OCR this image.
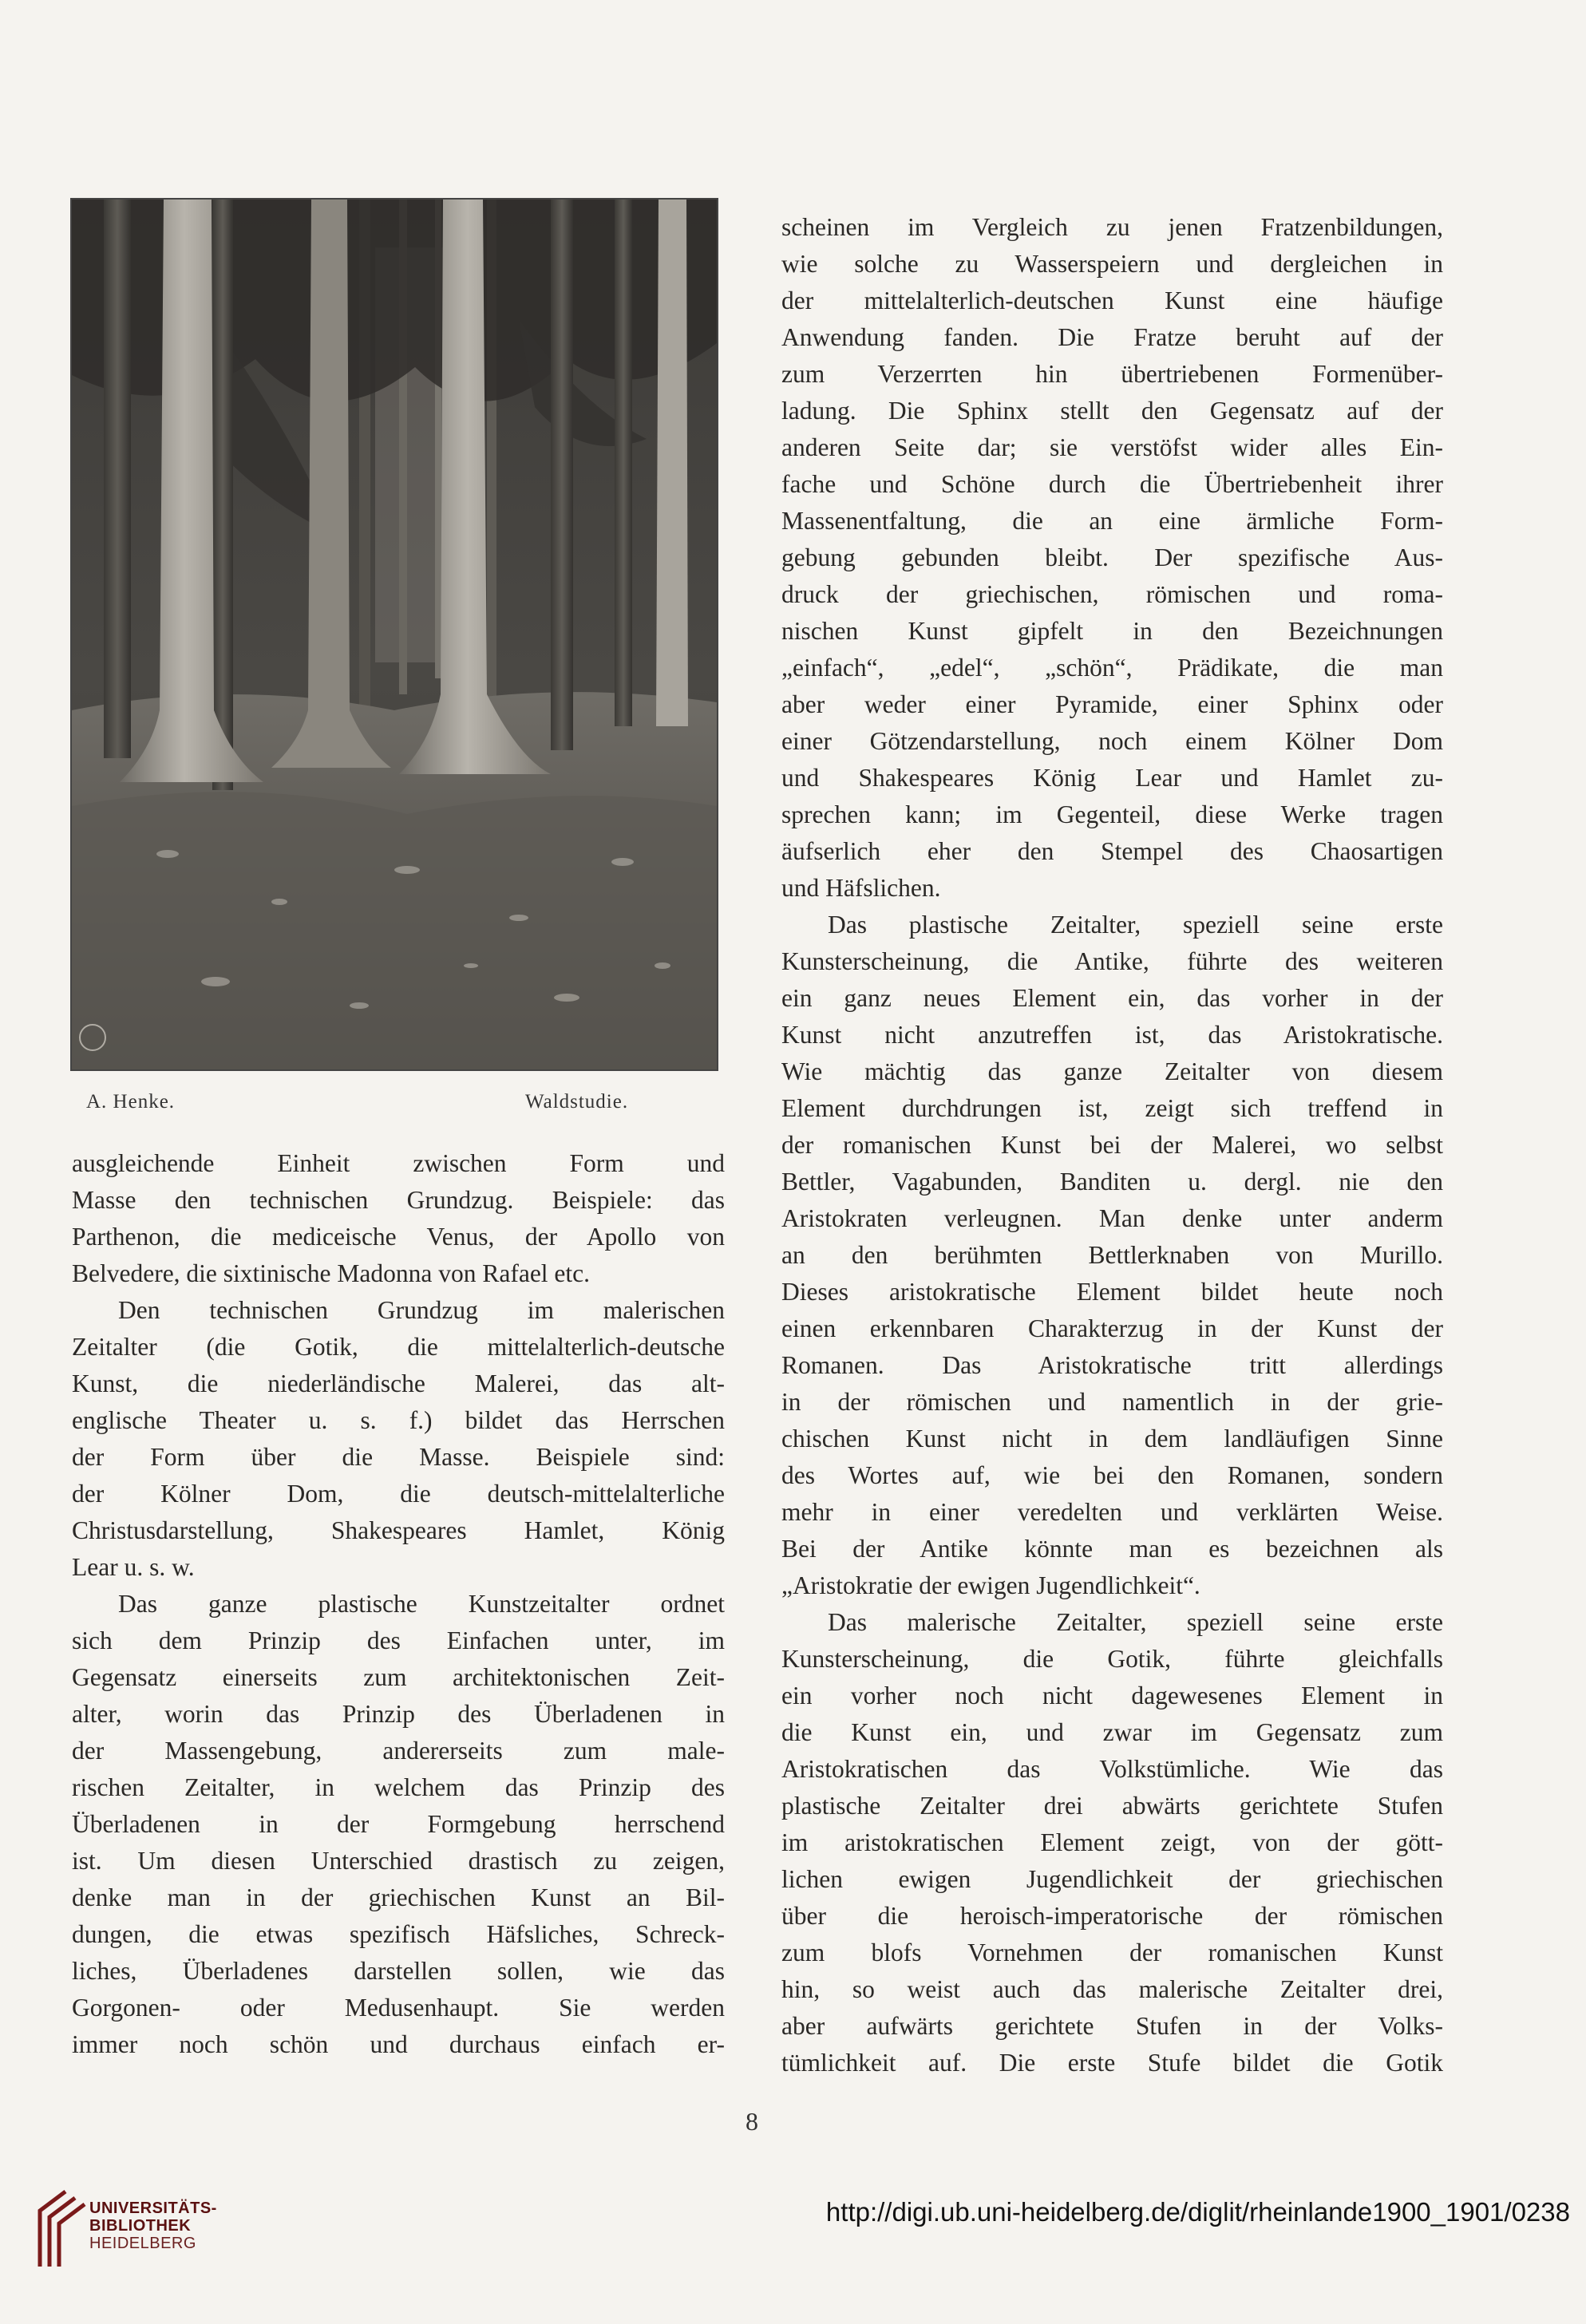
A. Henke.	Waldstudie.

ausgleichende Einheit zwischen Form und

Masse den technischen Grundzug. Beispiele: das

Parthenon, die mediceische Venus, der Apollo von

Belvedere, die sixtinische Madonna von Rafael etc.

Den technischen Grundzug im malerischen

Zeitalter (die Gotik, die mittelalterlich-deutsche

Kunst, die niederländische Malerei, das alt-

englische Theater u. s. f.) bildet das Herrschen

der Form über die Masse. Beispiele sind:

der Kölner Dom, die deutsch-mittelalterliche

Christusdarstellung, Shakespeares Hamlet, König

Lear u. s. w.

Das ganze plastische Kunstzeitalter ordnet

sich dem Prinzip des Einfachen unter, im

Gegensatz einerseits zum architektonischen Zeit-

alter, worin das Prinzip des Überladenen in

der Massengebung, andererseits zum male-

rischen Zeitalter, in welchem das Prinzip des

Überladenen in der Formgebung herrschend

ist. Um diesen Unterschied drastisch zu zeigen,

denke man in der griechischen Kunst an Bil-

dungen, die etwas spezifisch Häfsliches, Schreck-

liches, Überladenes darstellen sollen, wie das

Gorgonen- oder Medusenhaupt. Sie werden

immer noch schön und durchaus einfach er-

scheinen im Vergleich zu jenen Fratzenbildungen,

wie solche zu Wasserspeiern und dergleichen in

der mittelalterlich-deutschen Kunst eine häufige

Anwendung fanden. Die Fratze beruht auf der

zum Verzerrten hin übertriebenen Formenüber-

ladung. Die Sphinx stellt den Gegensatz auf der

anderen Seite dar; sie verstöfst wider alles Ein-

fache und Schöne durch die Übertriebenheit ihrer

Massenentfaltung, die an eine ärmliche Form-

gebung gebunden bleibt. Der spezifische Aus-

druck der griechischen, römischen und roma-

nischen Kunst gipfelt in den Bezeichnungen

„einfach“, „edel“, „schön“, Prädikate, die man

aber weder einer Pyramide, einer Sphinx oder

einer Götzendarstellung, noch einem Kölner Dom

und Shakespeares König Lear und Hamlet zu-

sprechen kann; im Gegenteil, diese Werke tragen

äufserlich eher den Stempel des Chaosartigen

und Häfslichen.

Das plastische Zeitalter, speziell seine erste

Kunsterscheinung, die Antike, führte des weiteren

ein ganz neues Element ein, das vorher in der

Kunst nicht anzutreffen ist, das Aristokratische.

Wie mächtig das ganze Zeitalter von diesem

Element durchdrungen ist, zeigt sich treffend in

der romanischen Kunst bei der Malerei, wo selbst

Bettler, Vagabunden, Banditen u. dergl. nie den

Aristokraten verleugnen. Man denke unter anderm

an den berühmten Bettlerknaben von Murillo.

Dieses aristokratische Element bildet heute noch

einen erkennbaren Charakterzug in der Kunst der

Romanen. Das Aristokratische tritt allerdings

in der römischen und namentlich in der grie-

chischen Kunst nicht in dem landläufigen Sinne

des Wortes auf, wie bei den Romanen, sondern

mehr in einer veredelten und verklärten Weise.

Bei der Antike könnte man es bezeichnen als

„Aristokratie der ewigen Jugendlichkeit“.

Das malerische Zeitalter, speziell seine erste

Kunsterscheinung, die Gotik, führte gleichfalls

ein vorher noch nicht dagewesenes Element in

die Kunst ein, und zwar im Gegensatz zum

Aristokratischen das Volkstümliche. Wie das

plastische Zeitalter drei abwärts gerichtete Stufen

im aristokratischen Element zeigt, von der gött-

lichen ewigen Jugendlichkeit der griechischen

über die heroisch-imperatorische der römischen

zum blofs Vornehmen der romanischen Kunst

hin, so weist auch das malerische Zeitalter drei,

aber aufwärts gerichtete Stufen in der Volks-

tümlichkeit auf. Die erste Stufe bildet die Gotik

8
UNIVERSITÄTS-
BIBLIOTHEK
HEIDELBERG
http://digi.ub.uni-heidelberg.de/diglit/rheinlande1900_1901/0238
